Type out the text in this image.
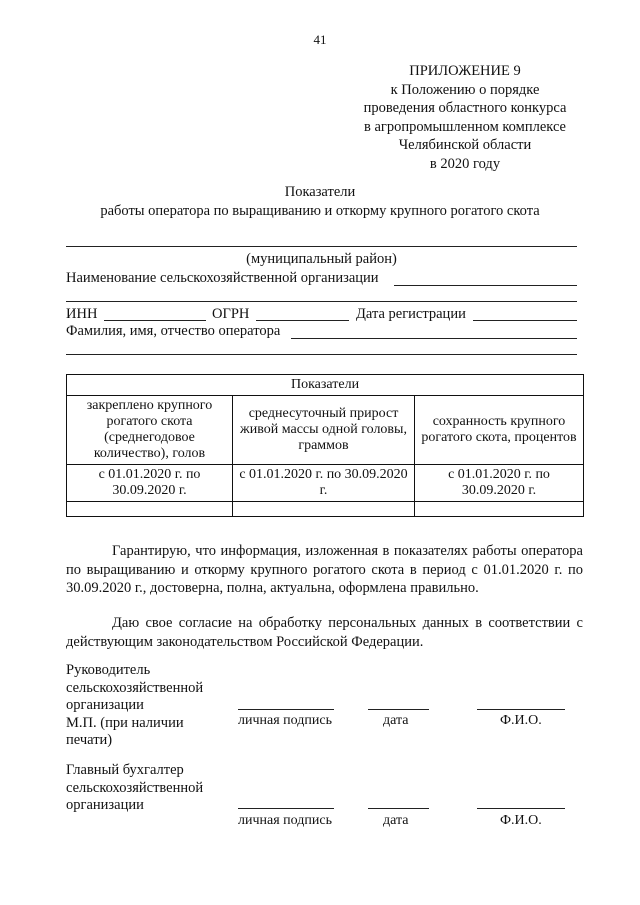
41
ПРИЛОЖЕНИЕ 9
к Положению о порядке
проведения областного конкурса
в агропромышленном комплексе
Челябинской области
в 2020 году
Показатели
работы оператора по выращиванию и откорму крупного рогатого скота
(муниципальный район)
Наименование сельскохозяйственной организации
ИНН	ОГРН	Дата регистрации
Фамилия, имя, отчество оператора
Показатели		
закреплено крупного рогатого скота (среднегодовое количество), голов	среднесуточный прирост живой массы одной головы, граммов	сохранность крупного рогатого скота, процентов
с 01.01.2020 г. по 30.09.2020 г.	с 01.01.2020 г. по 30.09.2020 г.	с 01.01.2020 г. по 30.09.2020 г.

Гарантирую, что информация, изложенная в показателях работы оператора по выращиванию и откорму крупного рогатого скота в период с 01.01.2020 г. по 30.09.2020 г., достоверна, полна, актуальна, оформлена правильно.
Даю свое согласие на обработку персональных данных в соответствии с действующим законодательством Российской Федерации.
Руководитель
сельскохозяйственной
организации
М.П. (при наличии
печати)
личная подпись	дата	Ф.И.О.
Главный бухгалтер
сельскохозяйственной
организации
личная подпись	дата	Ф.И.О.
